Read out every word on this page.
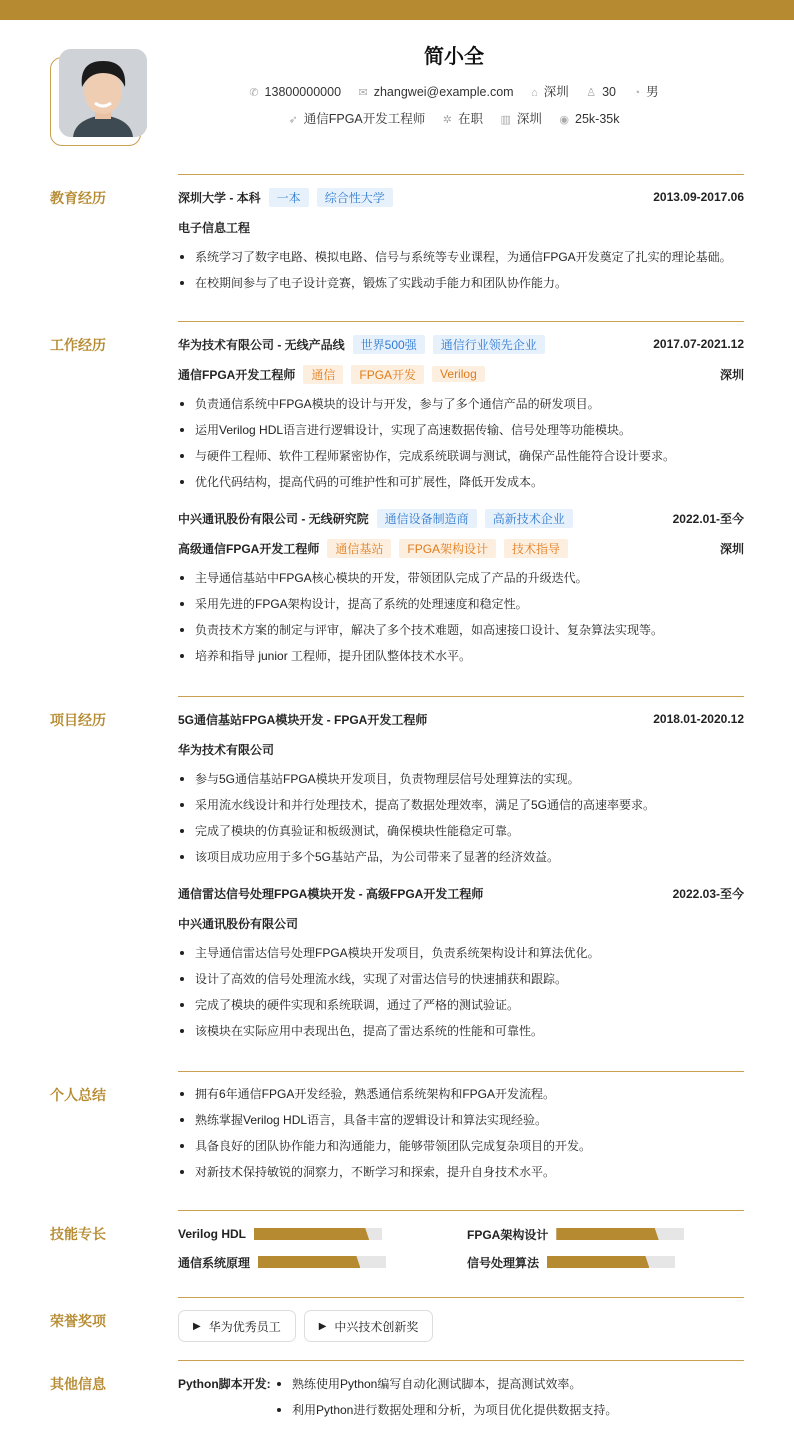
简小全
✆ 13800000000 ✉ zhangwei@example.com ⌂ 深圳 ♙ 30 ◔ 男
➶ 通信FPGA开发工程师 ✲ 在职 ▥ 深圳 ◉ 25k-35k
教育经历	深圳大学 - 本科	一本	综合性大学	2013.09-2017.06
电子信息工程
系统学习了数字电路、模拟电路、信号与系统等专业课程，为通信FPGA开发奠定了扎实的理论基础。
在校期间参与了电子设计竞赛，锻炼了实践动手能力和团队协作能力。
工作经历	华为技术有限公司 - 无线产品线	世界500强	通信行业领先企业	2017.07-2021.12
通信FPGA开发工程师	通信	FPGA开发	Verilog	深圳
负责通信系统中FPGA模块的设计与开发，参与了多个通信产品的研发项目。
运用Verilog HDL语言进行逻辑设计，实现了高速数据传输、信号处理等功能模块。
与硬件工程师、软件工程师紧密协作，完成系统联调与测试，确保产品性能符合设计要求。
优化代码结构，提高代码的可维护性和可扩展性，降低开发成本。
中兴通讯股份有限公司 - 无线研究院	通信设备制造商	高新技术企业	2022.01-至今
高级通信FPGA开发工程师	通信基站	FPGA架构设计	技术指导	深圳
主导通信基站中FPGA核心模块的开发，带领团队完成了产品的升级迭代。
采用先进的FPGA架构设计，提高了系统的处理速度和稳定性。
负责技术方案的制定与评审，解决了多个技术难题，如高速接口设计、复杂算法实现等。
培养和指导 junior 工程师，提升团队整体技术水平。
项目经历	5G通信基站FPGA模块开发 - FPGA开发工程师	2018.01-2020.12
华为技术有限公司
参与5G通信基站FPGA模块开发项目，负责物理层信号处理算法的实现。
采用流水线设计和并行处理技术，提高了数据处理效率，满足了5G通信的高速率要求。
完成了模块的仿真验证和板级测试，确保模块性能稳定可靠。
该项目成功应用于多个5G基站产品，为公司带来了显著的经济效益。
通信雷达信号处理FPGA模块开发 - 高级FPGA开发工程师	2022.03-至今
中兴通讯股份有限公司
主导通信雷达信号处理FPGA模块开发项目，负责系统架构设计和算法优化。
设计了高效的信号处理流水线，实现了对雷达信号的快速捕获和跟踪。
完成了模块的硬件实现和系统联调，通过了严格的测试验证。
该模块在实际应用中表现出色，提高了雷达系统的性能和可靠性。
个人总结	拥有6年通信FPGA开发经验，熟悉通信系统架构和FPGA开发流程。
熟练掌握Verilog HDL语言，具备丰富的逻辑设计和算法实现经验。
具备良好的团队协作能力和沟通能力，能够带领团队完成复杂项目的开发。
对新技术保持敏锐的洞察力，不断学习和探索，提升自身技术水平。
技能专长	Verilog HDL	FPGA架构设计
通信系统原理	信号处理算法
荣誉奖项	▶ 华为优秀员工	▶ 中兴技术创新奖
其他信息	Python脚本开发:	熟练使用Python编写自动化测试脚本，提高测试效率。
利用Python进行数据处理和分析，为项目优化提供数据支持。
